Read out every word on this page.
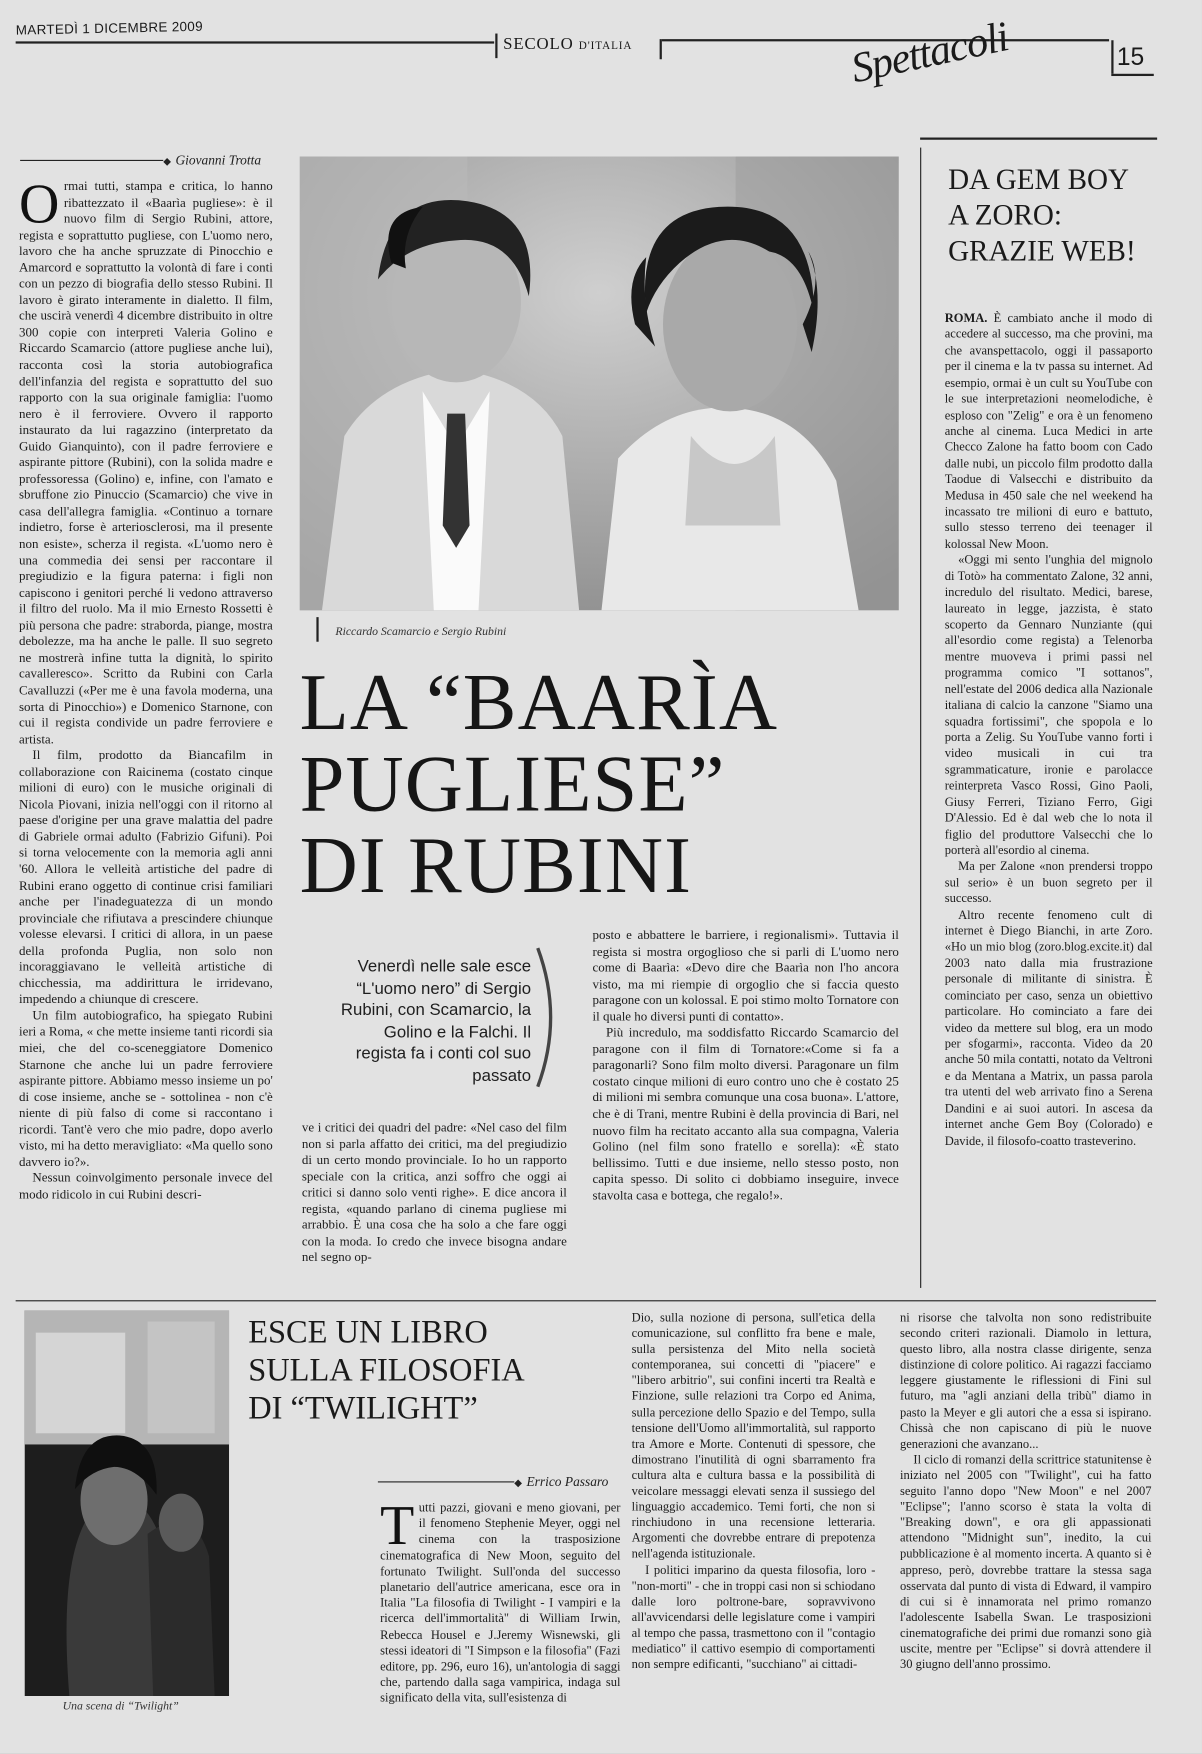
MARTEDÌ 1 DICEMBRE 2009
SECOLO D'ITALIA	Spettacoli	15
◆ Giovanni Trotta

Ormai tutti, stampa e critica, lo hanno ribattezzato il «Baarìa pugliese»: è il nuovo film di Sergio Rubini, attore, regista e soprattutto pugliese, con L'uomo nero, lavoro che ha anche spruzzate di Pinocchio e Amarcord e soprattutto la volontà di fare i conti con un pezzo di biografia dello stesso Rubini. Il lavoro è girato interamente in dialetto. Il film, che uscirà venerdì 4 dicembre distribuito in oltre 300 copie con interpreti Valeria Golino e Riccardo Scamarcio (attore pugliese anche lui), racconta così la storia autobiografica dell'infanzia del regista e soprattutto del suo rapporto con la sua originale famiglia: l'uomo nero è il ferroviere. Ovvero il rapporto instaurato da lui ragazzino (interpretato da Guido Gianquinto), con il padre ferroviere e aspirante pittore (Rubini), con la solida madre e professoressa (Golino) e, infine, con l'amato e sbruffone zio Pinuccio (Scamarcio) che vive in casa dell'allegra famiglia. «Continuo a tornare indietro, forse è arteriosclerosi, ma il presente non esiste», scherza il regista. «L'uomo nero è una commedia dei sensi per raccontare il pregiudizio e la figura paterna: i figli non capiscono i genitori perché li vedono attraverso il filtro del ruolo. Ma il mio Ernesto Rossetti è più persona che padre: straborda, piange, mostra debolezze, ma ha anche le palle. Il suo segreto ne mostrerà infine tutta la dignità, lo spirito cavalleresco». Scritto da Rubini con Carla Cavalluzzi («Per me è una favola moderna, una sorta di Pinocchio») e Domenico Starnone, con cui il regista condivide un padre ferroviere e artista.

Il film, prodotto da Biancafilm in collaborazione con Raicinema (costato cinque milioni di euro) con le musiche originali di Nicola Piovani, inizia nell'oggi con il ritorno al paese d'origine per una grave malattia del padre di Gabriele ormai adulto (Fabrizio Gifuni). Poi si torna velocemente con la memoria agli anni '60. Allora le velleità artistiche del padre di Rubini erano oggetto di continue crisi familiari anche per l'inadeguatezza di un mondo provinciale che rifiutava a prescindere chiunque volesse elevarsi. I critici di allora, in un paese della profonda Puglia, non solo non incoraggiavano le velleità artistiche di chicchessia, ma addirittura le irridevano, impedendo a chiunque di crescere.

Un film autobiografico, ha spiegato Rubini ieri a Roma, « che mette insieme tanti ricordi sia miei, che del co-sceneggiatore Domenico Starnone che anche lui un padre ferroviere aspirante pittore. Abbiamo messo insieme un po' di cose insieme, anche se - sottolinea - non c'è niente di più falso di come si raccontano i ricordi. Tant'è vero che mio padre, dopo averlo visto, mi ha detto meravigliato: «Ma quello sono davvero io?».

Nessun coinvolgimento personale invece del modo ridicolo in cui Rubini descri-

Riccardo Scamarcio e Sergio Rubini
LA “BAARÌA
PUGLIESE”
DI RUBINI
Venerdì nelle sale esce “L'uomo nero” di Sergio Rubini, con Scamarcio, la Golino e la Falchi. Il regista fa i conti col suo passato

ve i critici dei quadri del padre: «Nel caso del film non si parla affatto dei critici, ma del pregiudizio di un certo mondo provinciale. Io ho un rapporto speciale con la critica, anzi soffro che oggi ai critici si danno solo venti righe». E dice ancora il regista, «quando parlano di cinema pugliese mi arrabbio. È una cosa che ha solo a che fare oggi con la moda. Io credo che invece bisogna andare nel segno op-

posto e abbattere le barriere, i regionalismi». Tuttavia il regista si mostra orgoglioso che si parli di L'uomo nero come di Baarìa: «Devo dire che Baarìa non l'ho ancora visto, ma mi riempie di orgoglio che si faccia questo paragone con un kolossal. E poi stimo molto Tornatore con il quale ho diversi punti di contatto».

Più incredulo, ma soddisfatto Riccardo Scamarcio del paragone con il film di Tornatore:«Come si fa a paragonarli? Sono film molto diversi. Paragonare un film costato cinque milioni di euro contro uno che è costato 25 di milioni mi sembra comunque una cosa buona». L'attore, che è di Trani, mentre Rubini è della provincia di Bari, nel nuovo film ha recitato accanto alla sua compagna, Valeria Golino (nel film sono fratello e sorella): «È stato bellissimo. Tutti e due insieme, nello stesso posto, non capita spesso. Di solito ci dobbiamo inseguire, invece stavolta casa e bottega, che regalo!».

DA GEM BOY
A ZORO:
GRAZIE WEB!

ROMA. È cambiato anche il modo di accedere al successo, ma che provini, ma che avanspettacolo, oggi il passaporto per il cinema e la tv passa su internet. Ad esempio, ormai è un cult su YouTube con le sue interpretazioni neomelodiche, è esploso con "Zelig" e ora è un fenomeno anche al cinema. Luca Medici in arte Checco Zalone ha fatto boom con Cado dalle nubi, un piccolo film prodotto dalla Taodue di Valsecchi e distribuito da Medusa in 450 sale che nel weekend ha incassato tre milioni di euro e battuto, sullo stesso terreno dei teenager il kolossal New Moon.

«Oggi mi sento l'unghia del mignolo di Totò» ha commentato Zalone, 32 anni, incredulo del risultato. Medici, barese, laureato in legge, jazzista, è stato scoperto da Gennaro Nunziante (qui all'esordio come regista) a Telenorba mentre muoveva i primi passi nel programma comico "I sottanos", nell'estate del 2006 dedica alla Nazionale italiana di calcio la canzone "Siamo una squadra fortissimi", che spopola e lo porta a Zelig. Su YouTube vanno forti i video musicali in cui tra sgrammaticature, ironie e parolacce reinterpreta Vasco Rossi, Gino Paoli, Giusy Ferreri, Tiziano Ferro, Gigi D'Alessio. Ed è dal web che lo nota il figlio del produttore Valsecchi che lo porterà all'esordio al cinema.

Ma per Zalone «non prendersi troppo sul serio» è un buon segreto per il successo.

Altro recente fenomeno cult di internet è Diego Bianchi, in arte Zoro. «Ho un mio blog (zoro.blog.excite.it) dal 2003 nato dalla mia frustrazione personale di militante di sinistra. È cominciato per caso, senza un obiettivo particolare. Ho cominciato a fare dei video da mettere sul blog, era un modo per sfogarmi», racconta. Video da 20 anche 50 mila contatti, notato da Veltroni e da Mentana a Matrix, un passa parola tra utenti del web arrivato fino a Serena Dandini e ai suoi autori. In ascesa da internet anche Gem Boy (Colorado) e Davide, il filosofo-coatto trasteverino.

Una scena di “Twilight”
ESCE UN LIBRO
SULLA FILOSOFIA
DI “TWILIGHT”
◆ Errico Passaro

Tutti pazzi, giovani e meno giovani, per il fenomeno Stephenie Meyer, oggi nel cinema con la trasposizione cinematografica di New Moon, seguito del fortunato Twilight. Sull'onda del successo planetario dell'autrice americana, esce ora in Italia "La filosofia di Twilight - I vampiri e la ricerca dell'immortalità" di William Irwin, Rebecca Housel e J.Jeremy Wisnewski, gli stessi ideatori di "I Simpson e la filosofia" (Fazi editore, pp. 296, euro 16), un'antologia di saggi che, partendo dalla saga vampirica, indaga sul significato della vita, sull'esistenza di

Dio, sulla nozione di persona, sull'etica della comunicazione, sul conflitto fra bene e male, sulla persistenza del Mito nella società contemporanea, sui concetti di "piacere" e "libero arbitrio", sui confini incerti tra Realtà e Finzione, sulle relazioni tra Corpo ed Anima, sulla percezione dello Spazio e del Tempo, sulla tensione dell'Uomo all'immortalità, sul rapporto tra Amore e Morte. Contenuti di spessore, che dimostrano l'inutilità di ogni sbarramento fra cultura alta e cultura bassa e la possibilità di veicolare messaggi elevati senza il sussiego del linguaggio accademico. Temi forti, che non si rinchiudono in una recensione letteraria. Argomenti che dovrebbe entrare di prepotenza nell'agenda istituzionale.

I politici imparino da questa filosofia, loro - "non-morti" - che in troppi casi non si schiodano dalle loro poltrone-bare, sopravvivono all'avvicendarsi delle legislature come i vampiri al tempo che passa, trasmettono con il "contagio mediatico" il cattivo esempio di comportamenti non sempre edificanti, "succhiano" ai cittadi-

ni risorse che talvolta non sono redistribuite secondo criteri razionali. Diamolo in lettura, questo libro, alla nostra classe dirigente, senza distinzione di colore politico. Ai ragazzi facciamo leggere giustamente le riflessioni di Fini sul futuro, ma "agli anziani della tribù" diamo in pasto la Meyer e gli autori che a essa si ispirano. Chissà che non capiscano di più le nuove generazioni che avanzano...

Il ciclo di romanzi della scrittrice statunitense è iniziato nel 2005 con "Twilight", cui ha fatto seguito l'anno dopo "New Moon" e nel 2007 "Eclipse"; l'anno scorso è stata la volta di "Breaking down", e ora gli appassionati attendono "Midnight sun", inedito, la cui pubblicazione è al momento incerta. A quanto si è appreso, però, dovrebbe trattare la stessa saga osservata dal punto di vista di Edward, il vampiro di cui si è innamorata nel primo romanzo l'adolescente Isabella Swan. Le trasposizioni cinematografiche dei primi due romanzi sono già uscite, mentre per "Eclipse" si dovrà attendere il 30 giugno dell'anno prossimo.
